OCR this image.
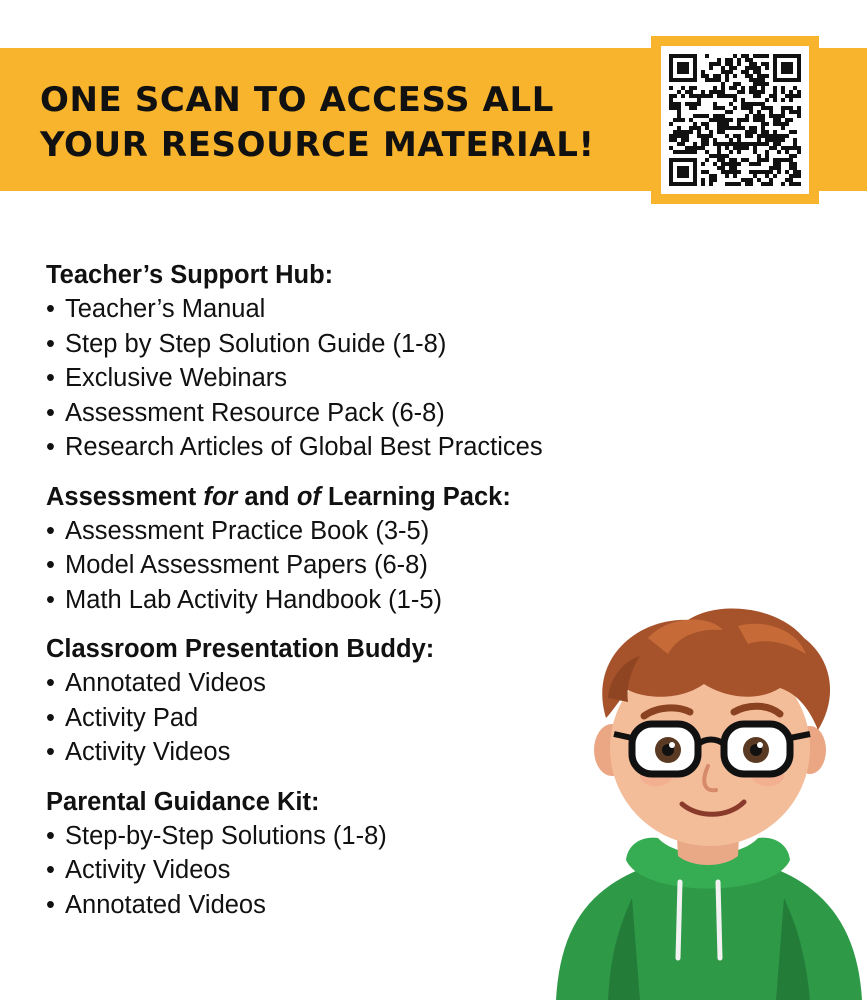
ONE SCAN TO ACCESS ALL
YOUR RESOURCE MATERIAL!

Teacher’s Support Hub:

• Teacher’s Manual
• Step by Step Solution Guide (1-8)
• Exclusive Webinars
• Assessment Resource Pack (6-8)
• Research Articles of Global Best Practices

Assessment for and of Learning Pack:

• Assessment Practice Book (3-5)
• Model Assessment Papers (6-8)
• Math Lab Activity Handbook (1-5)

Classroom Presentation Buddy:

• Annotated Videos
• Activity Pad
• Activity Videos

Parental Guidance Kit:

• Step-by-Step Solutions (1-8)
• Activity Videos
• Annotated Videos
